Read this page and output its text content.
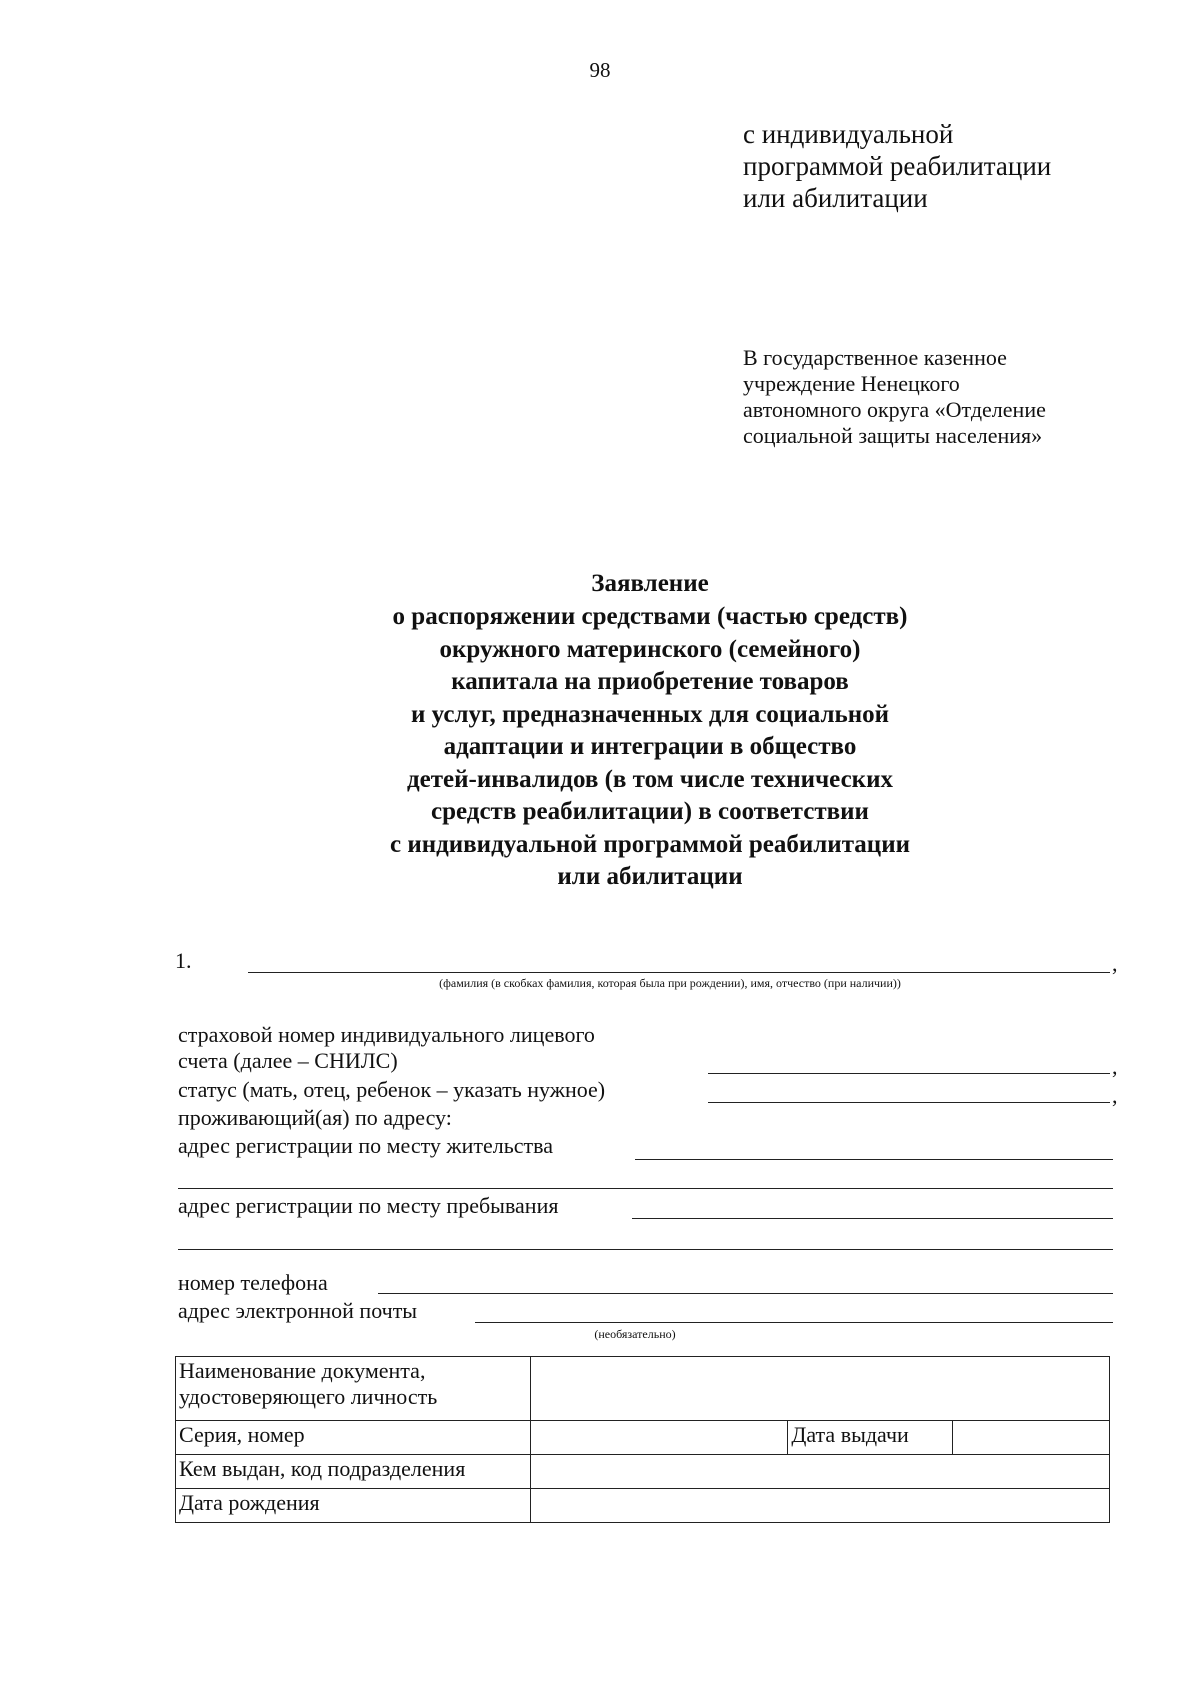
98
с индивидуальной
программой реабилитации
или абилитации
В государственное казенное
учреждение Ненецкого
автономного округа «Отделение
социальной защиты населения»
Заявление
о распоряжении средствами (частью средств)
окружного материнского (семейного)
капитала на приобретение товаров
и услуг, предназначенных для социальной
адаптации и интеграции в общество
детей-инвалидов (в том числе технических
средств реабилитации) в соответствии
с индивидуальной программой реабилитации
или абилитации
1.	,
(фамилия (в скобках фамилия, которая была при рождении), имя, отчество (при наличии))
страховой номер индивидуального лицевого
счета (далее – СНИЛС)	,
статус (мать, отец, ребенок – указать нужное)	,
проживающий(ая) по адресу:
адрес регистрации по месту жительства
адрес регистрации по месту пребывания
номер телефона
адрес электронной почты
(необязательно)
Наименование документа, удостоверяющего личность			
Серия, номер		Дата выдачи	
Кем выдан, код подразделения			
Дата рождения			
